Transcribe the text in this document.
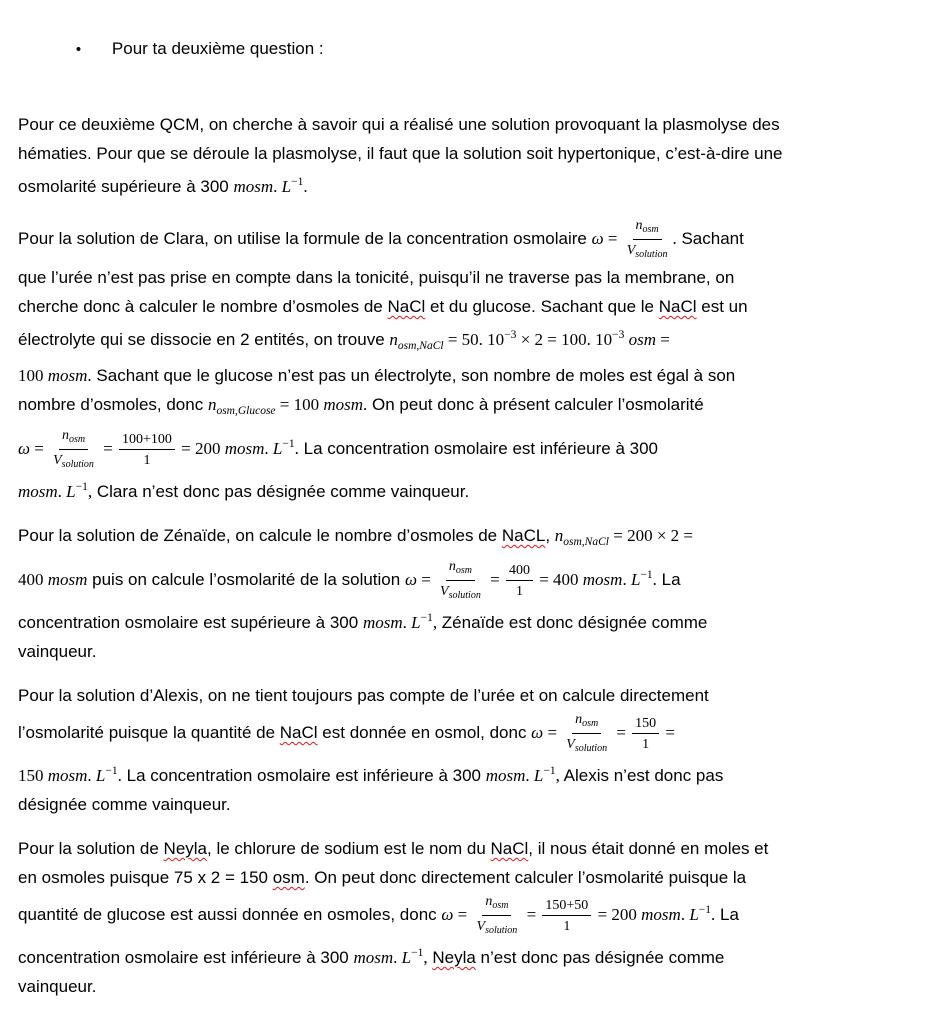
• Pour ta deuxième question :

Pour ce deuxième QCM, on cherche à savoir qui a réalisé une solution provoquant la plasmolyse des
hématies. Pour que se déroule la plasmolyse, il faut que la solution soit hypertonique, c’est-à-dire une
osmolarité supérieure à 300 mosm. $L^{-1}$.
Pour la solution de Clara, on utilise la formule de la concentration osmolaire $\omega = \frac{n_{osm}}{V_{solution}}$ . Sachant
que l’urée n’est pas prise en compte dans la tonicité, puisqu’il ne traverse pas la membrane, on
cherche donc à calculer le nombre d’osmoles de NaCl et du glucose. Sachant que le NaCl est un
électrolyte qui se dissocie en 2 entités, on trouve $n_{osm,NaCl} = 50$. $10^{-3} \times 2 = 100$. $10^{-3}$ osm =
100 mosm. Sachant que le glucose n’est pas un électrolyte, son nombre de moles est égal à son
nombre d’osmoles, donc $n_{osm,Glucose} = 100$ mosm. On peut donc à présent calculer l’osmolarité
$\omega = \frac{n_{osm}}{V_{solution}} = \frac{100+100}{1} = 200$ mosm. $L^{-1}$. La concentration osmolaire est inférieure à 300
mosm. $L^{-1}$, Clara n’est donc pas désignée comme vainqueur.
Pour la solution de Zénaïde, on calcule le nombre d’osmoles de NaCL, $n_{osm,NaCl} = 200 \times 2$ =
400 mosm puis on calcule l’osmolarité de la solution $\omega = \frac{n_{osm}}{V_{solution}} = \frac{400}{1} = 400$ mosm. $L^{-1}$. La
concentration osmolaire est supérieure à 300 mosm. $L^{-1}$, Zénaïde est donc désignée comme
vainqueur.
Pour la solution d’Alexis, on ne tient toujours pas compte de l’urée et on calcule directement
l’osmolarité puisque la quantité de NaCl est donnée en osmol, donc $\omega = \frac{n_{osm}}{V_{solution}} = \frac{150}{1}$ =
150 mosm. $L^{-1}$. La concentration osmolaire est inférieure à 300 mosm. $L^{-1}$, Alexis n’est donc pas
désignée comme vainqueur.
Pour la solution de Neyla, le chlorure de sodium est le nom du NaCl, il nous était donné en moles et
en osmoles puisque 75 x 2 = 150 osm. On peut donc directement calculer l’osmolarité puisque la
quantité de glucose est aussi donnée en osmoles, donc $\omega = \frac{n_{osm}}{V_{solution}} = \frac{150+50}{1} = 200$ mosm. $L^{-1}$. La
concentration osmolaire est inférieure à 300 mosm. $L^{-1}$, Neyla n’est donc pas désignée comme
vainqueur.
